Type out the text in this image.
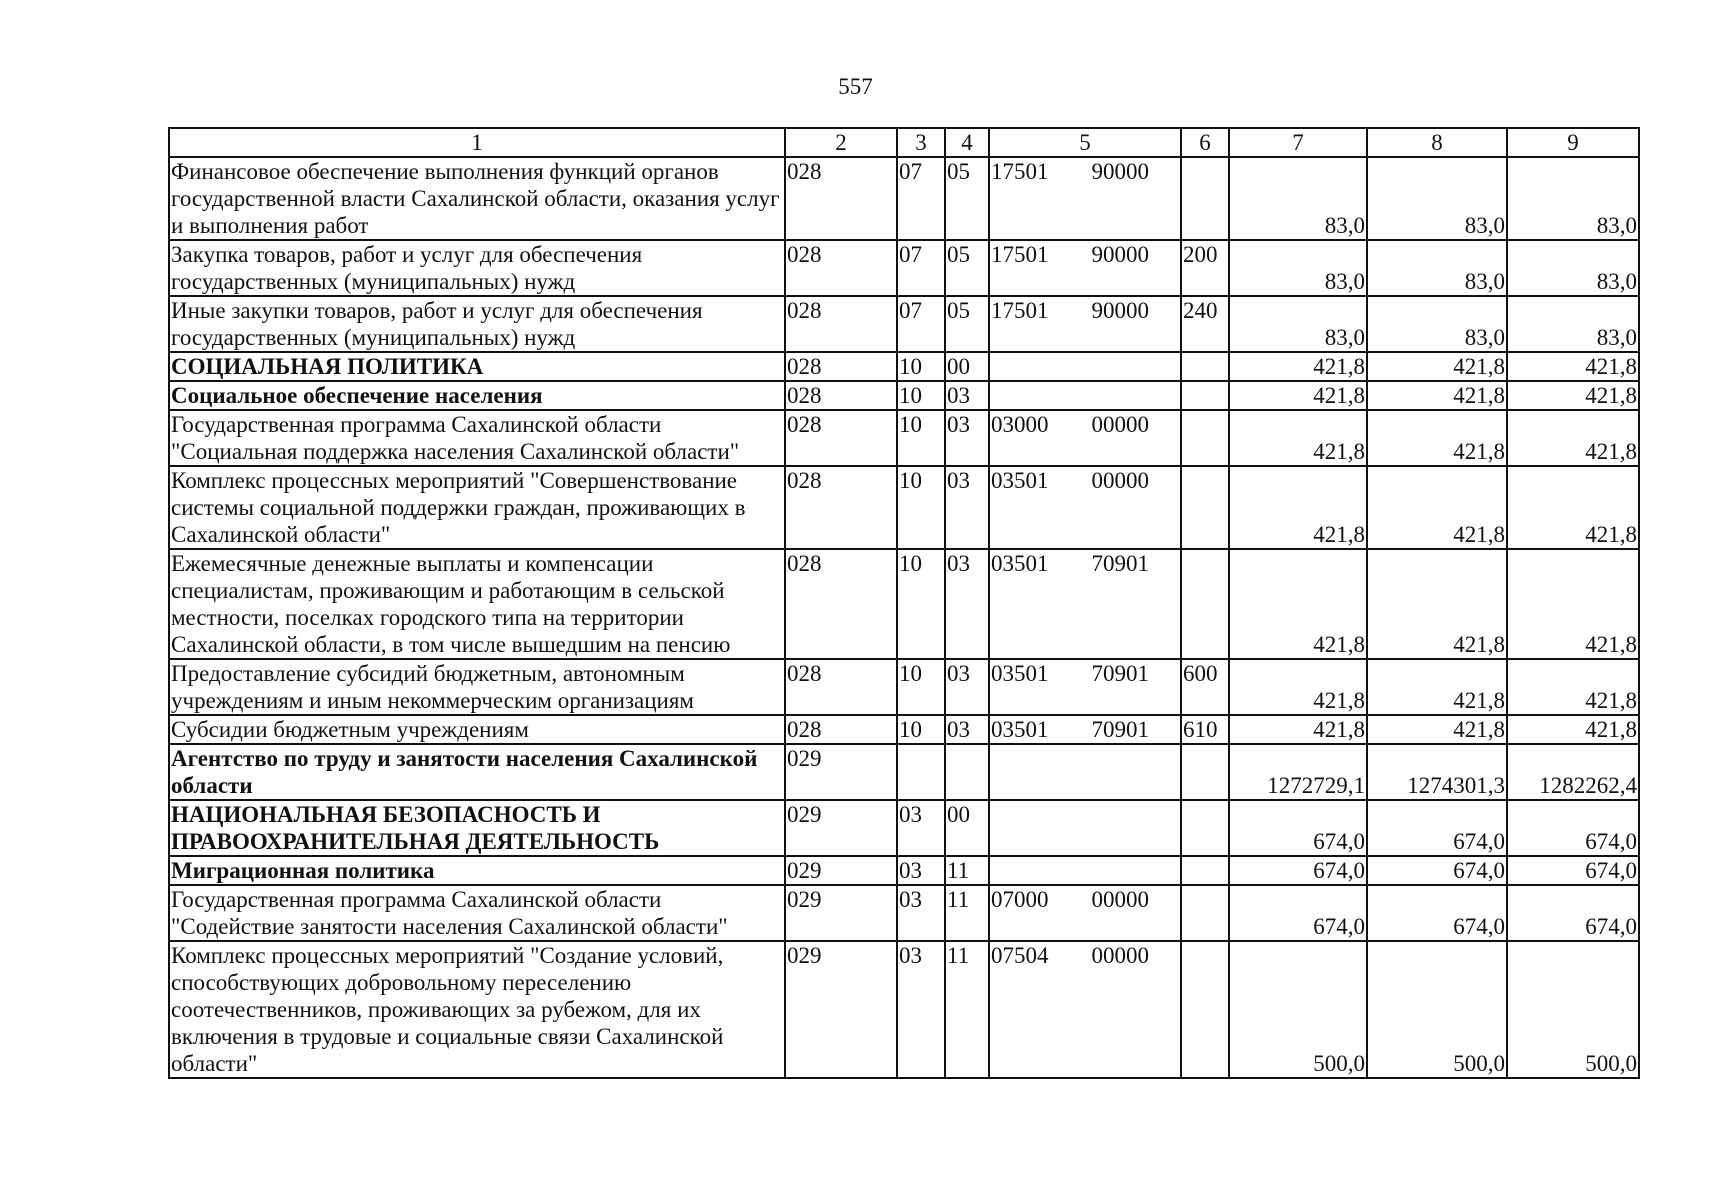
557
1	2	3	4	5	6	7	8	9
Финансовое обеспечение выполнения функций органов государственной власти Сахалинской области, оказания услуг и выполнения работ	028	07	05	17501 90000		83,0	83,0	83,0
Закупка товаров, работ и услуг для обеспечения государственных (муниципальных) нужд	028	07	05	17501 90000	200	83,0	83,0	83,0
Иные закупки товаров, работ и услуг для обеспечения государственных (муниципальных) нужд	028	07	05	17501 90000	240	83,0	83,0	83,0
СОЦИАЛЬНАЯ ПОЛИТИКА	028	10	00			421,8	421,8	421,8
Социальное обеспечение населения	028	10	03			421,8	421,8	421,8
Государственная программа Сахалинской области "Социальная поддержка населения Сахалинской области"	028	10	03	03000 00000		421,8	421,8	421,8
Комплекс процессных мероприятий "Совершенствование системы социальной поддержки граждан, проживающих в Сахалинской области"	028	10	03	03501 00000		421,8	421,8	421,8
Ежемесячные денежные выплаты и компенсации специалистам, проживающим и работающим в сельской местности, поселках городского типа на территории Сахалинской области, в том числе вышедшим на пенсию	028	10	03	03501 70901		421,8	421,8	421,8
Предоставление субсидий бюджетным, автономным учреждениям и иным некоммерческим организациям	028	10	03	03501 70901	600	421,8	421,8	421,8
Субсидии бюджетным учреждениям	028	10	03	03501 70901	610	421,8	421,8	421,8
Агентство по труду и занятости населения Сахалинской области	029					1272729,1	1274301,3	1282262,4
НАЦИОНАЛЬНАЯ БЕЗОПАСНОСТЬ И ПРАВООХРАНИТЕЛЬНАЯ ДЕЯТЕЛЬНОСТЬ	029	03	00			674,0	674,0	674,0
Миграционная политика	029	03	11			674,0	674,0	674,0
Государственная программа Сахалинской области "Содействие занятости населения Сахалинской области"	029	03	11	07000 00000		674,0	674,0	674,0
Комплекс процессных мероприятий "Создание условий, способствующих добровольному переселению соотечественников, проживающих за рубежом, для их включения в трудовые и социальные связи Сахалинской области"	029	03	11	07504 00000		500,0	500,0	500,0
